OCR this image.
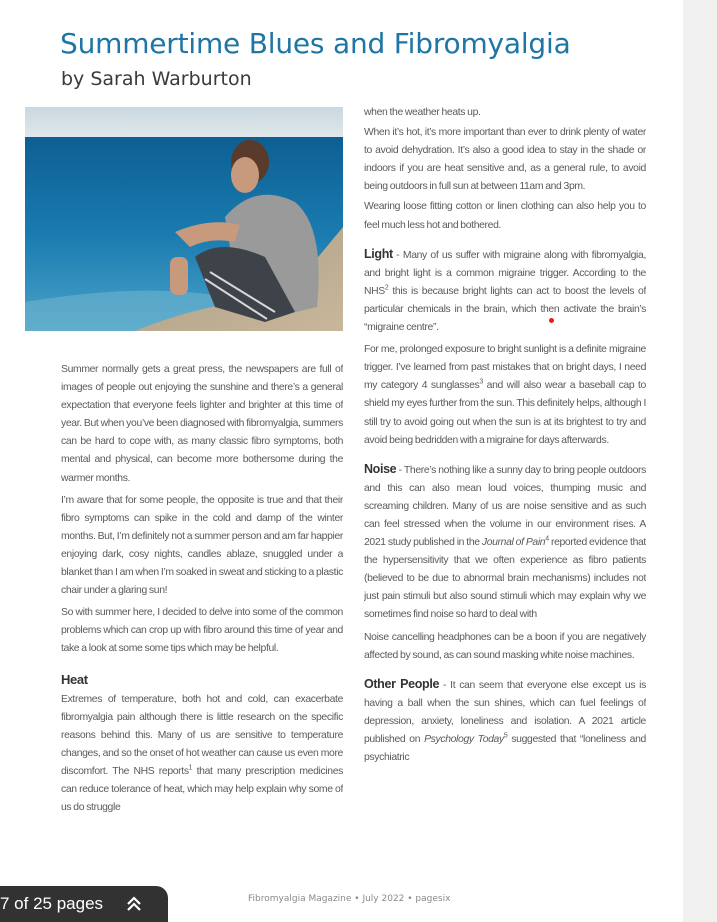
Summertime Blues and Fibromyalgia
by Sarah Warburton

Summer normally gets a great press, the newspapers are full of images of people out enjoying the sunshine and there’s a general expectation that everyone feels lighter and brighter at this time of year. But when you’ve been diagnosed with fibromyalgia, summers can be hard to cope with, as many classic fibro symptoms, both mental and physical, can become more bothersome during the warmer months.

I’m aware that for some people, the opposite is true and that their fibro symptoms can spike in the cold and damp of the winter months. But, I’m definitely not a summer person and am far happier enjoying dark, cosy nights, candles ablaze, snuggled under a blanket than I am when I’m soaked in sweat and sticking to a plastic chair under a glaring sun!

So with summer here, I decided to delve into some of the common problems which can crop up with fibro around this time of year and take a look at some some tips which may be helpful.

Heat

Extremes of temperature, both hot and cold, can exacerbate fibromyalgia pain although there is little research on the specific reasons behind this. Many of us are sensitive to temperature changes, and so the onset of hot weather can cause us even more discomfort. The NHS reports$^1$ that many prescription medicines can reduce tolerance of heat, which may help explain why some of us do struggle

when the weather heats up.

When it’s hot, it’s more important than ever to drink plenty of water to avoid dehydration. It’s also a good idea to stay in the shade or indoors if you are heat sensitive and, as a general rule, to avoid being outdoors in full sun at between 11am and 3pm.

Wearing loose fitting cotton or linen clothing can also help you to feel much less hot and bothered.

Light - Many of us suffer with migraine along with fibromyalgia, and bright light is a common migraine trigger. According to the NHS$^2$ this is because bright lights can act to boost the levels of particular chemicals in the brain, which then activate the brain’s “migraine centre”.

For me, prolonged exposure to bright sunlight is a definite migraine trigger. I’ve learned from past mistakes that on bright days, I need my category 4 sunglasses$^3$ and will also wear a baseball cap to shield my eyes further from the sun. This definitely helps, although I still try to avoid going out when the sun is at its brightest to try and avoid being bedridden with a migraine for days afterwards.

Noise - There’s nothing like a sunny day to bring people outdoors and this can also mean loud voices, thumping music and screaming children. Many of us are noise sensitive and as such can feel stressed when the volume in our environment rises. A 2021 study published in the Journal of Pain$^4$ reported evidence that the hypersensitivity that we often experience as fibro patients (believed to be due to abnormal brain mechanisms) includes not just pain stimuli but also sound stimuli which may explain why we sometimes find noise so hard to deal with

Noise cancelling headphones can be a boon if you are negatively affected by sound, as can sound masking white noise machines.

Other People - It can seem that everyone else except us is having a ball when the sun shines, which can fuel feelings of depression, anxiety, loneliness and isolation. A 2021 article published on Psychology Today$^5$ suggested that “loneliness and psychiatric

Fibromyalgia Magazine • July 2022 • pagesix
7 of 25 pages
